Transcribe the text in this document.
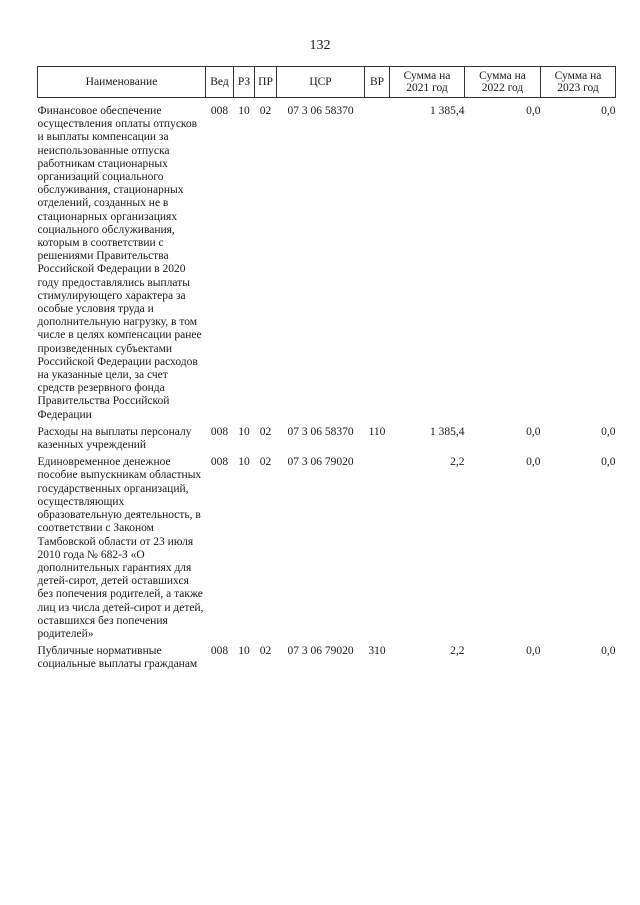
132
Наименование	Вед	РЗ	ПР	ЦСР	ВР	Сумма на 2021 год	Сумма на 2022 год	Сумма на 2023 год
Финансовое обеспечение осуществления оплаты отпусков и выплаты компенсации за неиспользованные отпуска работникам стационарных организаций социального обслуживания, стационарных отделений, созданных не в стационарных организациях социального обслуживания, которым в соответствии с решениями Правительства Российской Федерации в 2020 году предоставлялись выплаты стимулирующего характера за особые условия труда и дополнительную нагрузку, в том числе в целях компенсации ранее произведенных субъектами Российской Федерации расходов на указанные цели, за счет средств резервного фонда Правительства Российской Федерации	008	10	02	07 3 06 58370		1 385,4	0,0	0,0
Расходы на выплаты персоналу казенных учреждений	008	10	02	07 3 06 58370	110	1 385,4	0,0	0,0
Единовременное денежное пособие выпускникам областных государственных организаций, осуществляющих образовательную деятельность, в соответствии с Законом Тамбовской области от 23 июля 2010 года № 682-З «О дополнительных гарантиях для детей-сирот, детей оставшихся без попечения родителей, а также лиц из числа детей-сирот и детей, оставшихся без попечения родителей»	008	10	02	07 3 06 79020		2,2	0,0	0,0
Публичные нормативные социальные выплаты гражданам	008	10	02	07 3 06 79020	310	2,2	0,0	0,0
